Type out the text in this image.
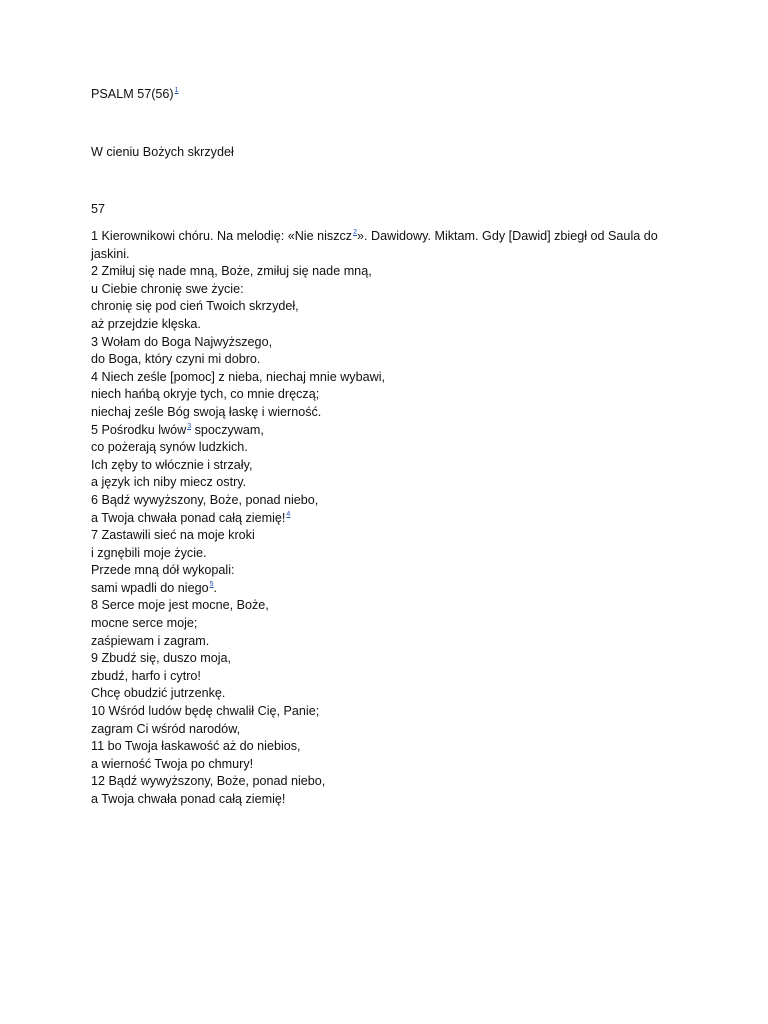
PSALM 57(56)$^1$

W cieniu Bożych skrzydeł

57

1 Kierownikowi chóru. Na melodię: «Nie niszcz$^2$». Dawidowy. Miktam. Gdy [Dawid] zbiegł od Saula do jaskini.

2 Zmiłuj się nade mną, Boże, zmiłuj się nade mną,

u Ciebie chronię swe życie:

chronię się pod cień Twoich skrzydeł,

aż przejdzie klęska.

3 Wołam do Boga Najwyższego,

do Boga, który czyni mi dobro.

4 Niech ześle [pomoc] z nieba, niechaj mnie wybawi,

niech hańbą okryje tych, co mnie dręczą;

niechaj ześle Bóg swoją łaskę i wierność.

5 Pośrodku lwów$^3$ spoczywam,

co pożerają synów ludzkich.

Ich zęby to włócznie i strzały,

a język ich niby miecz ostry.

6 Bądź wywyższony, Boże, ponad niebo,

a Twoja chwała ponad całą ziemię!$^4$

7 Zastawili sieć na moje kroki

i zgnębili moje życie.

Przede mną dół wykopali:

sami wpadli do niego$^5$.

8 Serce moje jest mocne, Boże,

mocne serce moje;

zaśpiewam i zagram.

9 Zbudź się, duszo moja,

zbudź, harfo i cytro!

Chcę obudzić jutrzenkę.

10 Wśród ludów będę chwalił Cię, Panie;

zagram Ci wśród narodów,

11 bo Twoja łaskawość aż do niebios,

a wierność Twoja po chmury!

12 Bądź wywyższony, Boże, ponad niebo,

a Twoja chwała ponad całą ziemię!
